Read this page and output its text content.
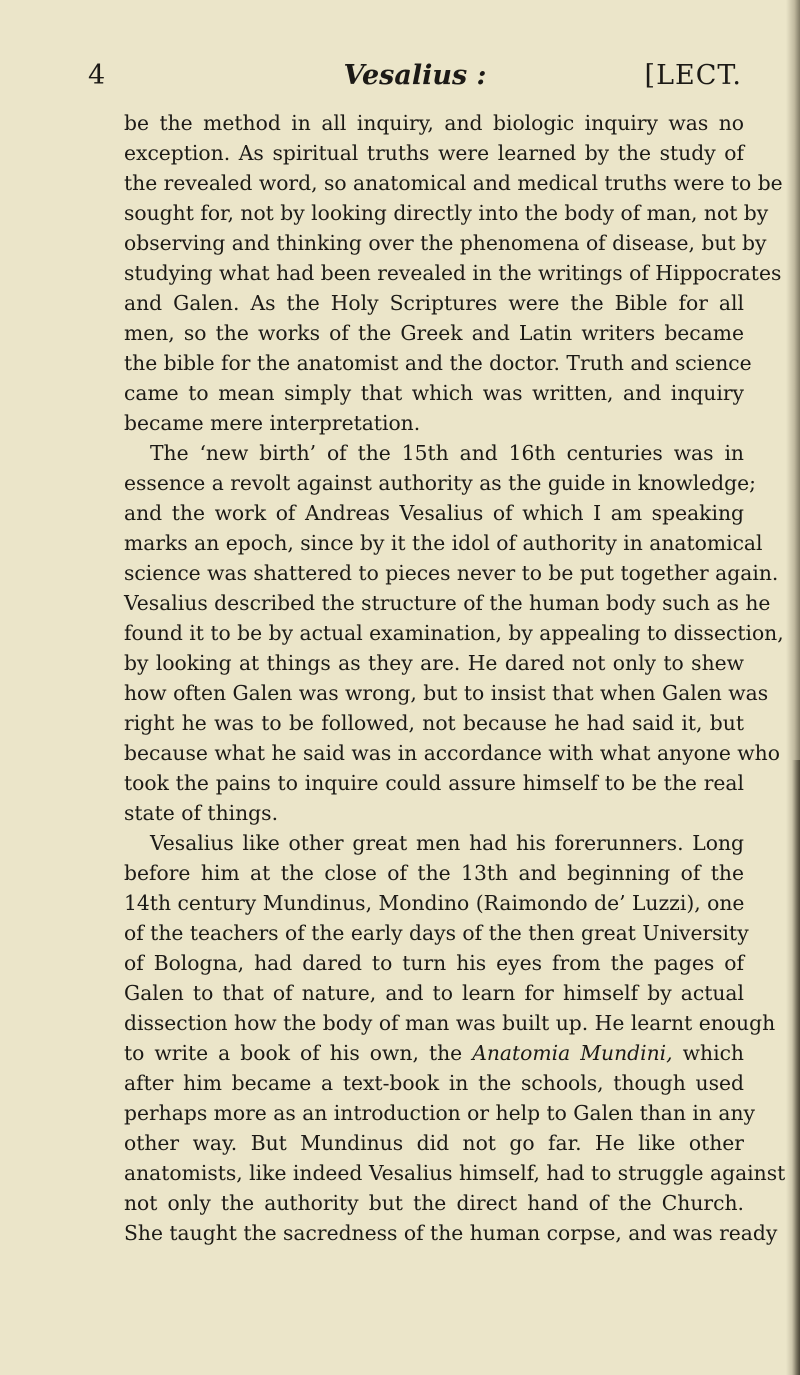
4	Vesalius :	[LECT.
be the method in all inquiry, and biologic inquiry was no
exception. As spiritual truths were learned by the study of
the revealed word, so anatomical and medical truths were to be
sought for, not by looking directly into the body of man, not by
observing and thinking over the phenomena of disease, but by
studying what had been revealed in the writings of Hippocrates
and Galen. As the Holy Scriptures were the Bible for all
men, so the works of the Greek and Latin writers became
the bible for the anatomist and the doctor. Truth and science
came to mean simply that which was written, and inquiry
became mere interpretation.
The ‘new birth’ of the 15th and 16th centuries was in
essence a revolt against authority as the guide in knowledge;
and the work of Andreas Vesalius of which I am speaking
marks an epoch, since by it the idol of authority in anatomical
science was shattered to pieces never to be put together again.
Vesalius described the structure of the human body such as he
found it to be by actual examination, by appealing to dissection,
by looking at things as they are. He dared not only to shew
how often Galen was wrong, but to insist that when Galen was
right he was to be followed, not because he had said it, but
because what he said was in accordance with what anyone who
took the pains to inquire could assure himself to be the real
state of things.
Vesalius like other great men had his forerunners. Long
before him at the close of the 13th and beginning of the
14th century Mundinus, Mondino (Raimondo de’ Luzzi), one
of the teachers of the early days of the then great University
of Bologna, had dared to turn his eyes from the pages of
Galen to that of nature, and to learn for himself by actual
dissection how the body of man was built up. He learnt enough
to write a book of his own, the Anatomia Mundini, which
after him became a text-book in the schools, though used
perhaps more as an introduction or help to Galen than in any
other way. But Mundinus did not go far. He like other
anatomists, like indeed Vesalius himself, had to struggle against
not only the authority but the direct hand of the Church.
She taught the sacredness of the human corpse, and was ready
